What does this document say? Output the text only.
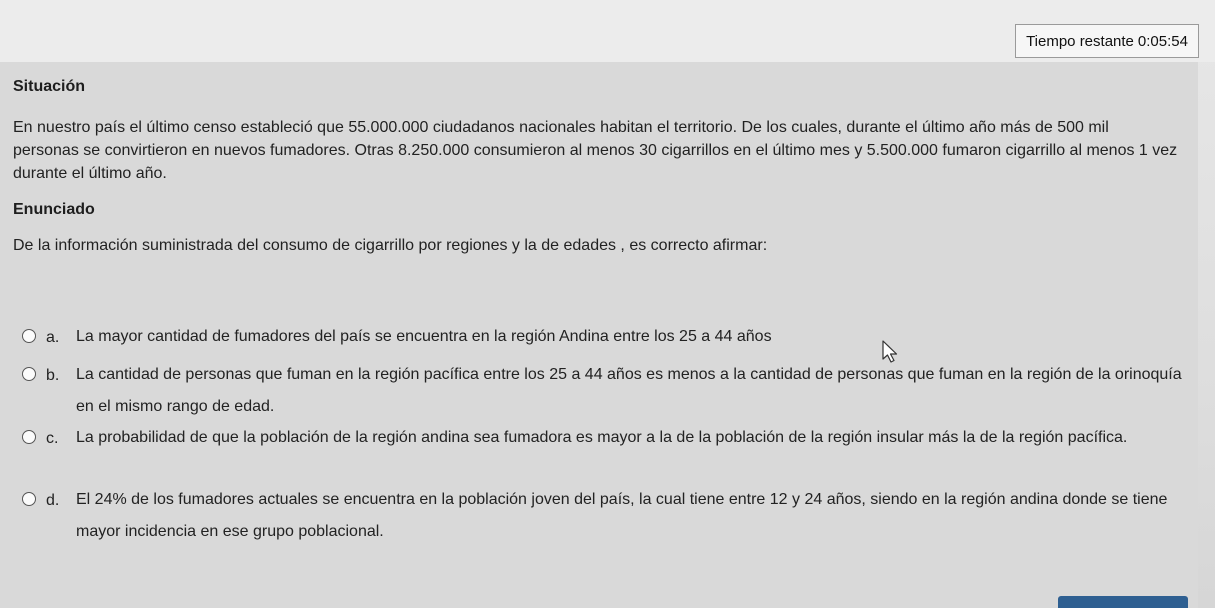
Tiempo restante 0:05:54

Situación

En nuestro país el último censo estableció que 55.000.000 ciudadanos nacionales habitan el territorio. De los cuales, durante el último año más de 500 mil personas se convirtieron en nuevos fumadores. Otras 8.250.000 consumieron al menos 30 cigarrillos en el último mes y 5.500.000 fumaron cigarrillo al menos 1 vez durante el último año.

Enunciado

De la información suministrada del consumo de cigarrillo por regiones y la de edades , es correcto afirmar:

a.	La mayor cantidad de fumadores del país se encuentra en la región Andina entre los 25 a 44 años
b.	La cantidad de personas que fuman en la región pacífica entre los 25 a 44 años es menos a la cantidad de personas que fuman en la región de la orinoquía en el mismo rango de edad.
c.	La probabilidad de que la población de la región andina sea fumadora es mayor a la de la población de la región insular más la de la región pacífica.
d.	El 24% de los fumadores actuales se encuentra en la población joven del país, la cual tiene entre 12 y 24 años, siendo en la región andina donde se tiene mayor incidencia en ese grupo poblacional.
